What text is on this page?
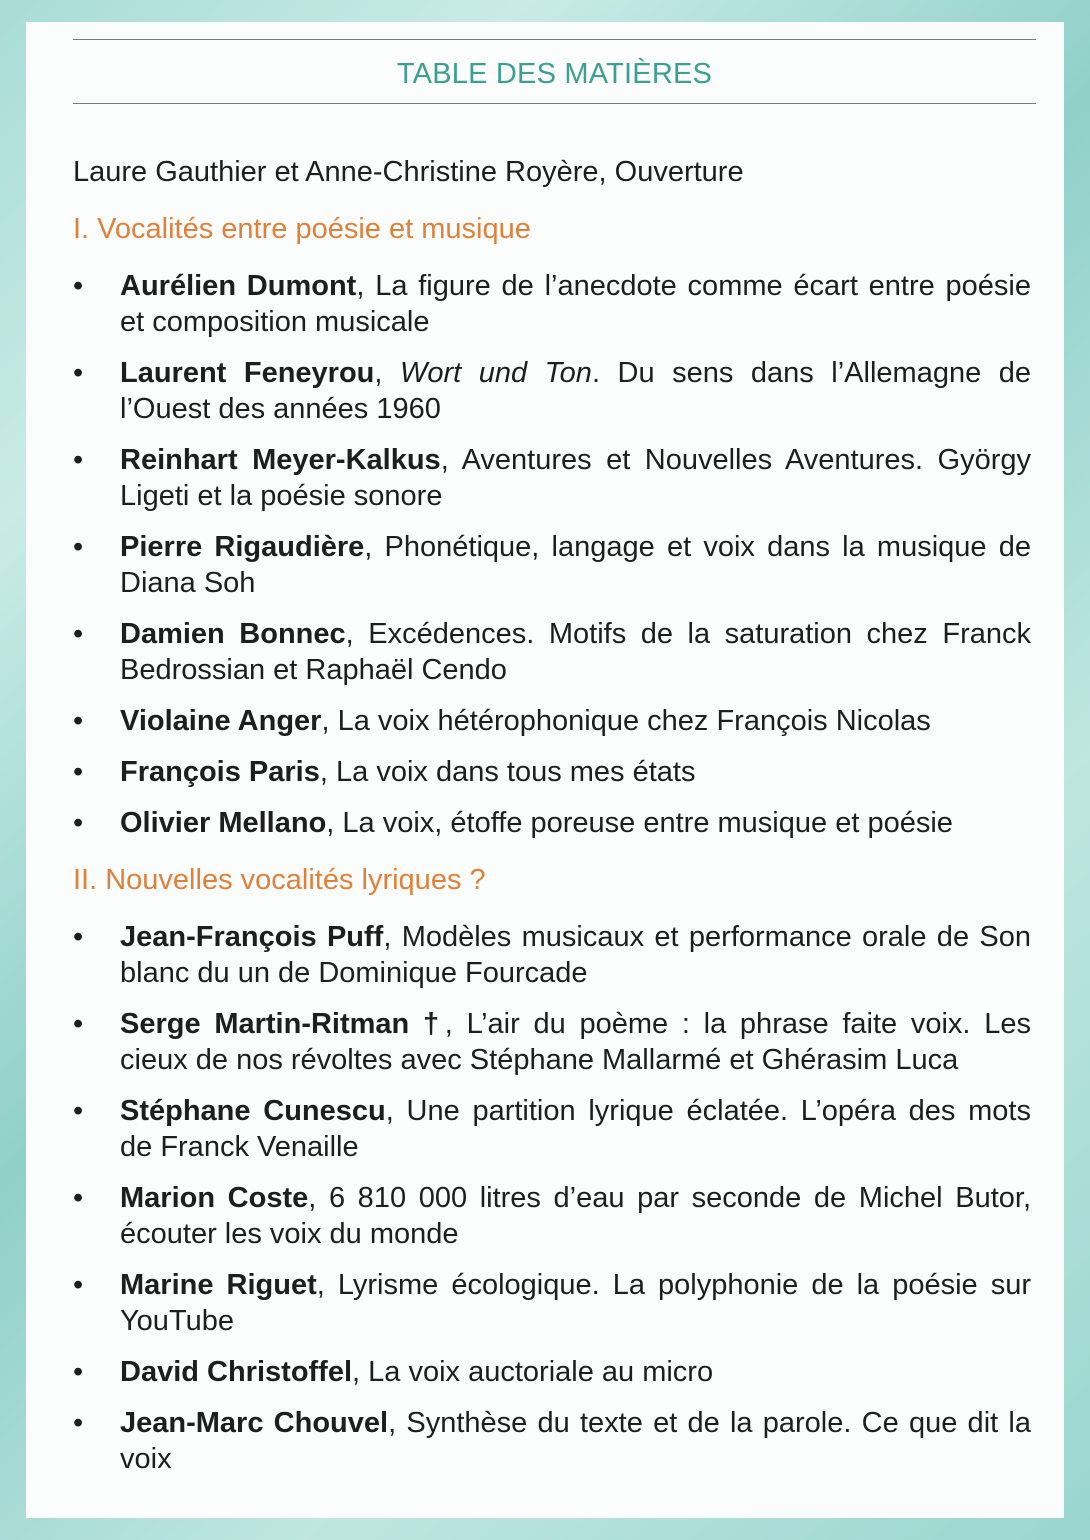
TABLE DES MATIÈRES
Laure Gauthier et Anne-Christine Royère, Ouverture
I. Vocalités entre poésie et musique
• Aurélien Dumont, La figure de l’anecdote comme écart entre poésie et composition musicale
• Laurent Feneyrou, Wort und Ton. Du sens dans l’Allemagne de l’Ouest des années 1960
• Reinhart Meyer-Kalkus, Aventures et Nouvelles Aventures. György Ligeti et la poésie sonore
• Pierre Rigaudière, Phonétique, langage et voix dans la musique de Diana Soh
• Damien Bonnec, Excédences. Motifs de la saturation chez Franck Bedrossian et Raphaël Cendo
• Violaine Anger, La voix hétérophonique chez François Nicolas
• François Paris, La voix dans tous mes états
• Olivier Mellano, La voix, étoffe poreuse entre musique et poésie
II. Nouvelles vocalités lyriques ?
• Jean-François Puff, Modèles musicaux et performance orale de Son blanc du un de Dominique Fourcade
• Serge Martin-Ritman †, L’air du poème : la phrase faite voix. Les cieux de nos révoltes avec Stéphane Mallarmé et Ghérasim Luca
• Stéphane Cunescu, Une partition lyrique éclatée. L’opéra des mots de Franck Venaille
• Marion Coste, 6 810 000 litres d’eau par seconde de Michel Butor, écouter les voix du monde
• Marine Riguet, Lyrisme écologique. La polyphonie de la poésie sur YouTube
• David Christoffel, La voix auctoriale au micro
• Jean-Marc Chouvel, Synthèse du texte et de la parole. Ce que dit la voix
